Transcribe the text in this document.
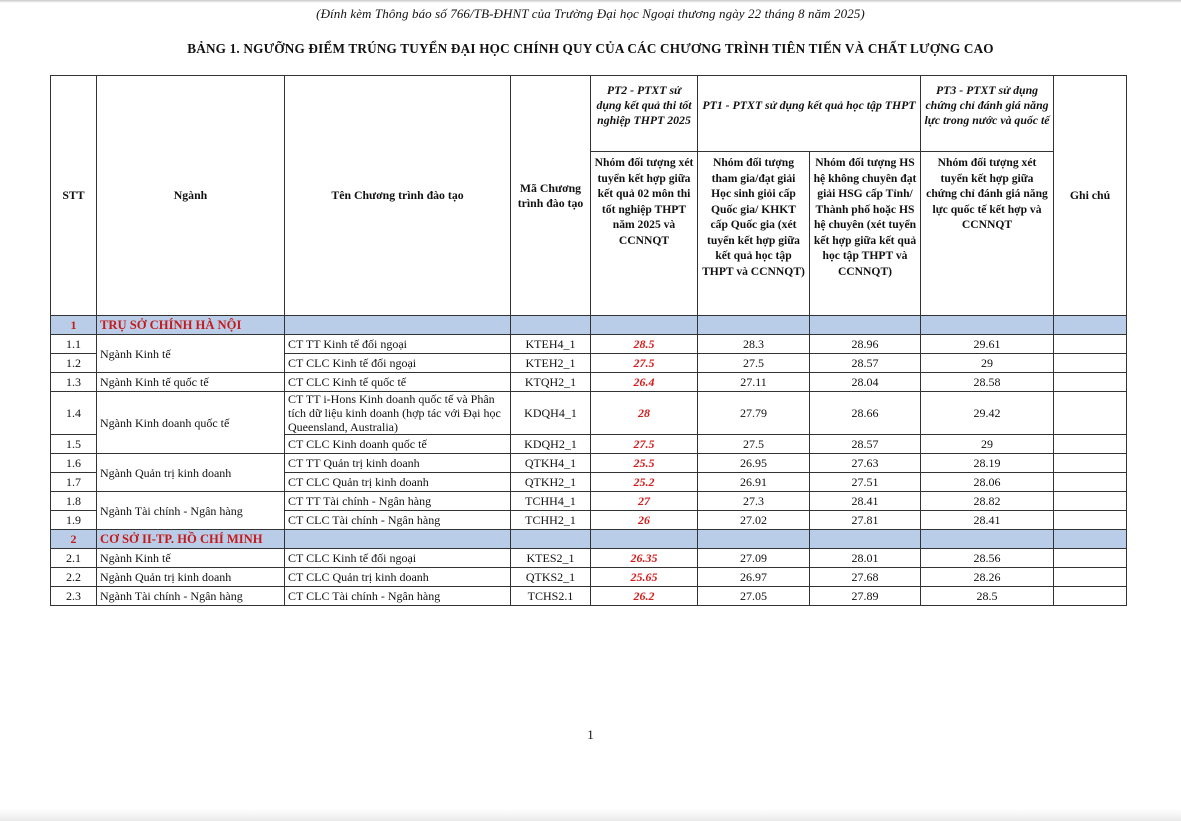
(Đính kèm Thông báo số 766/TB-ĐHNT của Trường Đại học Ngoại thương ngày 22 tháng 8 năm 2025)
BẢNG 1. NGƯỠNG ĐIỂM TRÚNG TUYỂN ĐẠI HỌC CHÍNH QUY CỦA CÁC CHƯƠNG TRÌNH TIÊN TIẾN VÀ CHẤT LƯỢNG CAO
STT	Ngành	Tên Chương trình đào tạo	Mã Chương trình đào tạo	PT2 - PTXT sử dụng kết quả thi tốt nghiệp THPT 2025	PT1 - PTXT sử dụng kết quả học tập THPT		PT3 - PTXT sử dụng chứng chỉ đánh giá năng lực trong nước và quốc tế	Ghi chú
				Nhóm đối tượng xét tuyển kết hợp giữa kết quả 02 môn thi tốt nghiệp THPT năm 2025 và CCNNQT	Nhóm đối tượng tham gia/đạt giải Học sinh giỏi cấp Quốc gia/ KHKT cấp Quốc gia (xét tuyển kết hợp giữa kết quả học tập THPT và CCNNQT)	Nhóm đối tượng HS hệ không chuyên đạt giải HSG cấp Tỉnh/ Thành phố hoặc HS hệ chuyên (xét tuyển kết hợp giữa kết quả học tập THPT và CCNNQT)	Nhóm đối tượng xét tuyển kết hợp giữa chứng chỉ đánh giá năng lực quốc tế kết hợp và CCNNQT	
1	TRỤ SỞ CHÍNH HÀ NỘI							
1.1	Ngành Kinh tế	CT TT Kinh tế đối ngoại	KTEH4_1	28.5	28.3	28.96	29.61	
1.2		CT CLC Kinh tế đối ngoại	KTEH2_1	27.5	27.5	28.57	29	
1.3	Ngành Kinh tế quốc tế	CT CLC Kinh tế quốc tế	KTQH2_1	26.4	27.11	28.04	28.58	
1.4	Ngành Kinh doanh quốc tế	CT TT i-Hons Kinh doanh quốc tế và Phân tích dữ liệu kinh doanh (hợp tác với Đại học Queensland, Australia)	KDQH4_1	28	27.79	28.66	29.42	
1.5		CT CLC Kinh doanh quốc tế	KDQH2_1	27.5	27.5	28.57	29	
1.6	Ngành Quản trị kinh doanh	CT TT Quản trị kinh doanh	QTKH4_1	25.5	26.95	27.63	28.19	
1.7		CT CLC Quản trị kinh doanh	QTKH2_1	25.2	26.91	27.51	28.06	
1.8	Ngành Tài chính - Ngân hàng	CT TT Tài chính - Ngân hàng	TCHH4_1	27	27.3	28.41	28.82	
1.9		CT CLC Tài chính - Ngân hàng	TCHH2_1	26	27.02	27.81	28.41	
2	CƠ SỞ II-TP. HỒ CHÍ MINH							
2.1	Ngành Kinh tế	CT CLC Kinh tế đối ngoại	KTES2_1	26.35	27.09	28.01	28.56	
2.2	Ngành Quản trị kinh doanh	CT CLC Quản trị kinh doanh	QTKS2_1	25.65	26.97	27.68	28.26	
2.3	Ngành Tài chính - Ngân hàng	CT CLC Tài chính - Ngân hàng	TCHS2.1	26.2	27.05	27.89	28.5	
1
